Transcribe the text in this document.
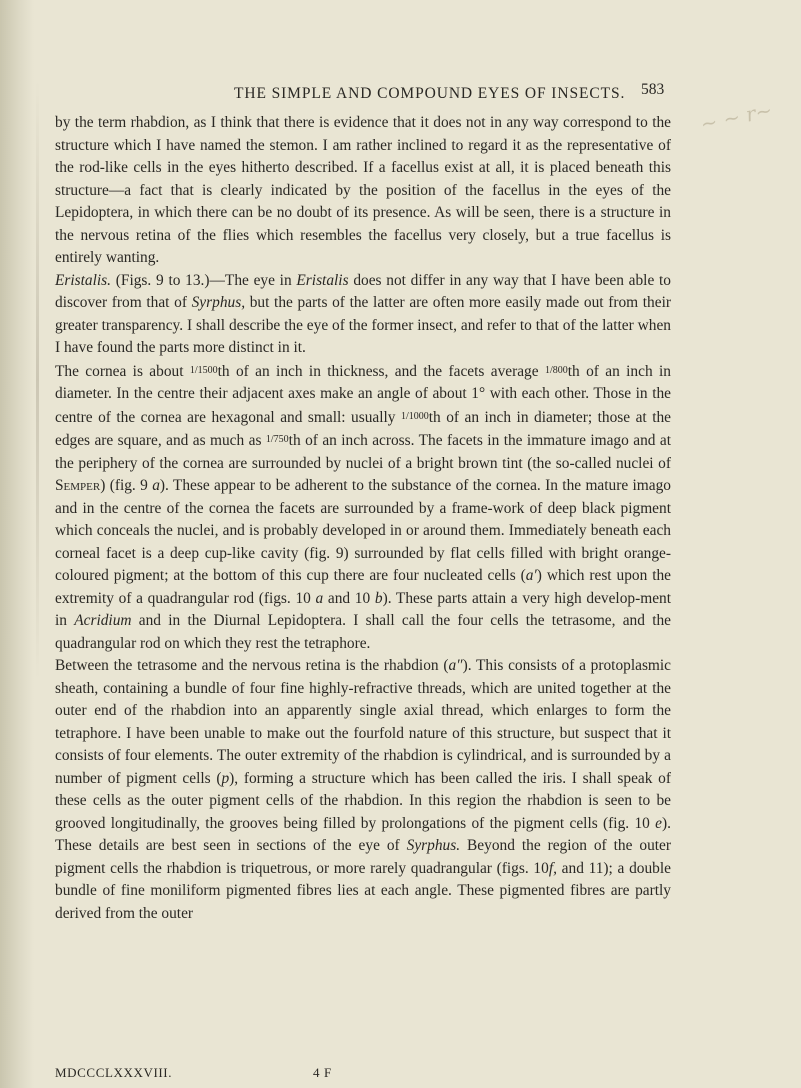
THE SIMPLE AND COMPOUND EYES OF INSECTS. 583

by the term rhabdion, as I think that there is evidence that it does not in any way correspond to the structure which I have named the stemon. I am rather inclined to regard it as the representative of the rod-like cells in the eyes hitherto described. If a facellus exist at all, it is placed beneath this structure—a fact that is clearly indicated by the position of the facellus in the eyes of the Lepidoptera, in which there can be no doubt of its presence. As will be seen, there is a structure in the nervous retina of the flies which resembles the facellus very closely, but a true facellus is entirely wanting.

Eristalis. (Figs. 9 to 13.)—The eye in Eristalis does not differ in any way that I have been able to discover from that of Syrphus, but the parts of the latter are often more easily made out from their greater transparency. I shall describe the eye of the former insect, and refer to that of the latter when I have found the parts more distinct in it.

The cornea is about $^{1/1500}$th of an inch in thickness, and the facets average $^{1/800}$th of an inch in diameter. In the centre their adjacent axes make an angle of about 1° with each other. Those in the centre of the cornea are hexagonal and small: usually $^{1/1000}$th of an inch in diameter; those at the edges are square, and as much as $^{1/750}$th of an inch across. The facets in the immature imago and at the periphery of the cornea are surrounded by nuclei of a bright brown tint (the so-called nuclei of Semper) (fig. 9 a). These appear to be adherent to the substance of the cornea. In the mature imago and in the centre of the cornea the facets are surrounded by a frame-work of deep black pigment which conceals the nuclei, and is probably developed in or around them. Immediately beneath each corneal facet is a deep cup-like cavity (fig. 9) surrounded by flat cells filled with bright orange-coloured pigment; at the bottom of this cup there are four nucleated cells (a′) which rest upon the extremity of a quadrangular rod (figs. 10 a and 10 b). These parts attain a very high develop-ment in Acridium and in the Diurnal Lepidoptera. I shall call the four cells the tetrasome, and the quadrangular rod on which they rest the tetraphore.

Between the tetrasome and the nervous retina is the rhabdion (a″). This consists of a protoplasmic sheath, containing a bundle of four fine highly-refractive threads, which are united together at the outer end of the rhabdion into an apparently single axial thread, which enlarges to form the tetraphore. I have been unable to make out the fourfold nature of this structure, but suspect that it consists of four elements. The outer extremity of the rhabdion is cylindrical, and is surrounded by a number of pigment cells (p), forming a structure which has been called the iris. I shall speak of these cells as the outer pigment cells of the rhabdion. In this region the rhabdion is seen to be grooved longitudinally, the grooves being filled by prolongations of the pigment cells (fig. 10 e). These details are best seen in sections of the eye of Syrphus. Beyond the region of the outer pigment cells the rhabdion is triquetrous, or more rarely quadrangular (figs. 10f, and 11); a double bundle of fine moniliform pigmented fibres lies at each angle. These pigmented fibres are partly derived from the outer

MDCCCLXXXVIII.	4 F
~ ~ r~
